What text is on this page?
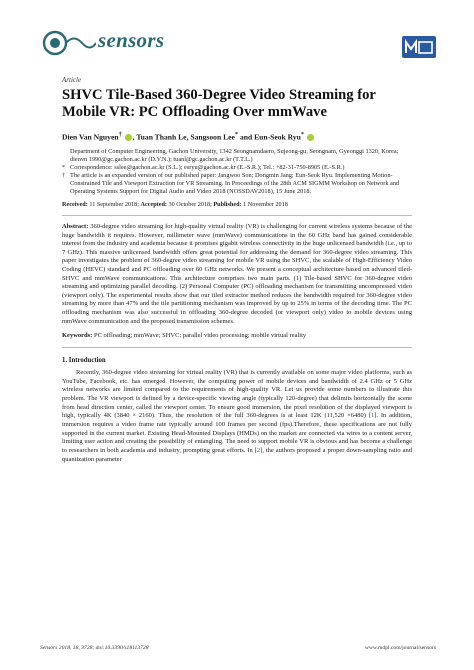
sensors
Article
SHVC Tile-Based 360-Degree Video Streaming for Mobile VR: PC Offloading Over mmWave
Dien Van Nguyen† , Tuan Thanh Le, Sangsoon Lee* and Eun-Seok Ryu*
Department of Computer Engineering, Gachon University, 1342 Seongnamdaero, Sujeong-gu, Seongnam, Gyeonggi 1320, Korea; dienvn 1990@gc.gachon.ac.kr (D.V.N.); tuanl@gc.gachon.ac.kr (T.T.L.)
* Correspondence: sslee@gachon.ac.kr (S.L.); esryu@gachon.ac.kr (E.-S.R.); Tel.: +82-31-750-8905 (E.-S.R.)
† The article is an expanded version of our published paper: Jangwoo Son; Dongmin Jang; Eun-Seok Ryu. Implementing Motion-Constrained Tile and Viewport Extraction for VR Streaming. In Proceedings of the 28th ACM SIGMM Workshop on Network and Operating Systems Support for Digital Audio and Video 2018 (NOSSDAV2018), 15 June 2018.
Received: 11 September 2018; Accepted: 30 October 2018; Published: 1 November 2018

Abstract: 360-degree video streaming for high-quality virtual reality (VR) is challenging for current wireless systems because of the huge bandwidth it requires. However, millimeter wave (mmWave) communications in the 60 GHz band has gained considerable interest from the industry and academia because it promises gigabit wireless connectivity in the huge unlicensed bandwidth (i.e., up to 7 GHz). This massive unlicensed bandwidth offers great potential for addressing the demand for 360-degree video streaming. This paper investigates the problem of 360-degree video streaming for mobile VR using the SHVC, the scalable of High-Efficiency Video Coding (HEVC) standard and PC offloading over 60 GHz networks. We present a conceptual architecture based on advanced tiled-SHVC and mmWave communications. This architecture comprises two main parts. (1) Tile-based SHVC for 360-degree video streaming and optimizing parallel decoding. (2) Personal Computer (PC) offloading mechanism for transmitting uncompressed video (viewport only). The experimental results show that our tiled extractor method reduces the bandwidth required for 360-degree video streaming by more than 47% and the tile partitioning mechanism was improved by up to 25% in terms of the decoding time. The PC offloading mechanism was also successful in offloading 360-degree decoded (or viewport only) video to mobile devices using mmWave communication and the proposed transmission schemes.

Keywords: PC offloading; mmWave; SHVC; parallel video processing; mobile virtual reality

1. Introduction

Recently, 360-degree video streaming for virtual reality (VR) that is currently available on some major video platforms, such as YouTube, Facebook, etc. has emerged. However, the computing power of mobile devices and bandwidth of 2.4 GHz or 5 GHz wireless networks are limited compared to the requirements of high-quality VR. Let us provide some numbers to illustrate this problem. The VR viewport is defined by a device-specific viewing angle (typically 120-degree) that delimits horizontally the scene from head direction center, called the viewport center. To ensure good immersion, the pixel resolution of the displayed viewport is high, typically 4K (3840 × 2160). Thus, the resolution of the full 360-degrees is at least 12K (11,520 ×6480) [1]. In addition, immersion requires a video frame rate typically around 100 frames per second (fps).Therefore, these specifications are not fully supported in the current market. Existing Head-Mounted Displays (HMDs) on the market are connected via wires to a content server, limiting user action and creating the possibility of entangling. The need to support mobile VR is obvious and has become a challenge to researchers in both academia and industry, prompting great efforts. In [2], the authors proposed a proper down-sampling ratio and quantization parameter

Sensors 2018, 18, 3728; doi:10.3390/s18113728	www.mdpi.com/journal/sensors
